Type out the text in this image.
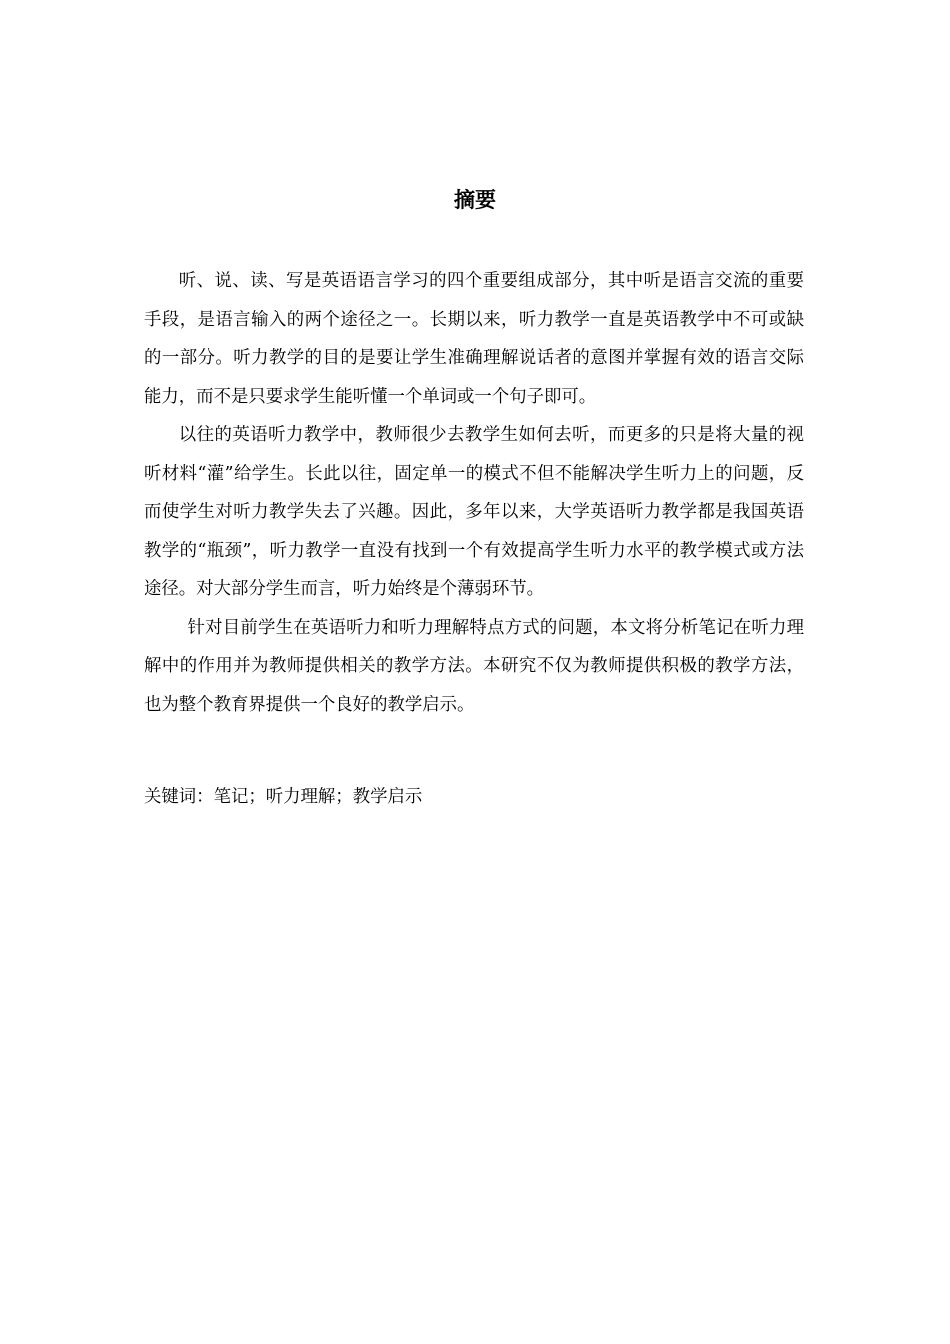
摘要

听、说、读、写是英语语言学习的四个重要组成部分，其中听是语言交流的重要手段，是语言输入的两个途径之一。长期以来，听力教学一直是英语教学中不可或缺的一部分。听力教学的目的是要让学生准确理解说话者的意图并掌握有效的语言交际能力，而不是只要求学生能听懂一个单词或一个句子即可。

以往的英语听力教学中，教师很少去教学生如何去听，而更多的只是将大量的视听材料“灌”给学生。长此以往，固定单一的模式不但不能解决学生听力上的问题，反而使学生对听力教学失去了兴趣。因此，多年以来，大学英语听力教学都是我国英语教学的“瓶颈”，听力教学一直没有找到一个有效提高学生听力水平的教学模式或方法途径。对大部分学生而言，听力始终是个薄弱环节。

针对目前学生在英语听力和听力理解特点方式的问题，本文将分析笔记在听力理解中的作用并为教师提供相关的教学方法。本研究不仅为教师提供积极的教学方法，也为整个教育界提供一个良好的教学启示。

关键词：笔记；听力理解；教学启示
